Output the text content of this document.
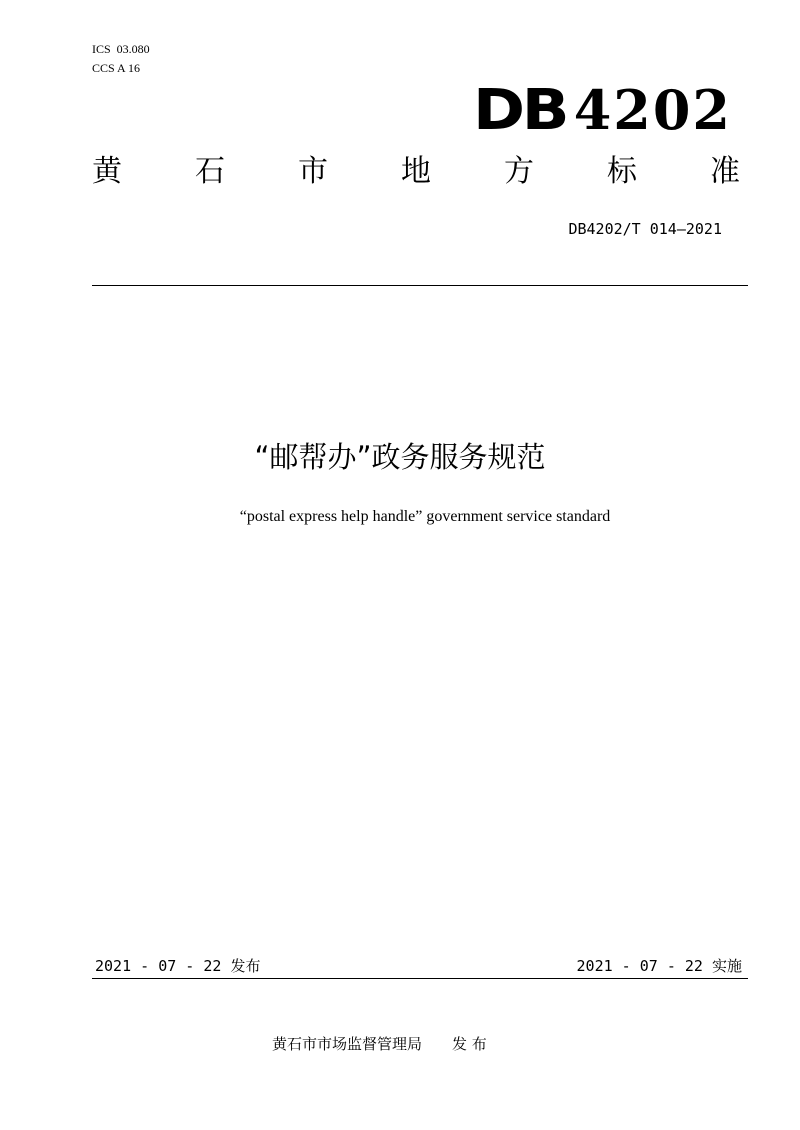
ICS  03.080
CCS A 16
DB 4202
黄 石 市 地 方 标 准
DB4202/T 014—2021
“邮帮办”政务服务规范
“postal express help handle” government service standard
2021 - 07 - 22 发布	2021 - 07 - 22 实施
黄石市市场监督管理局 发 布
